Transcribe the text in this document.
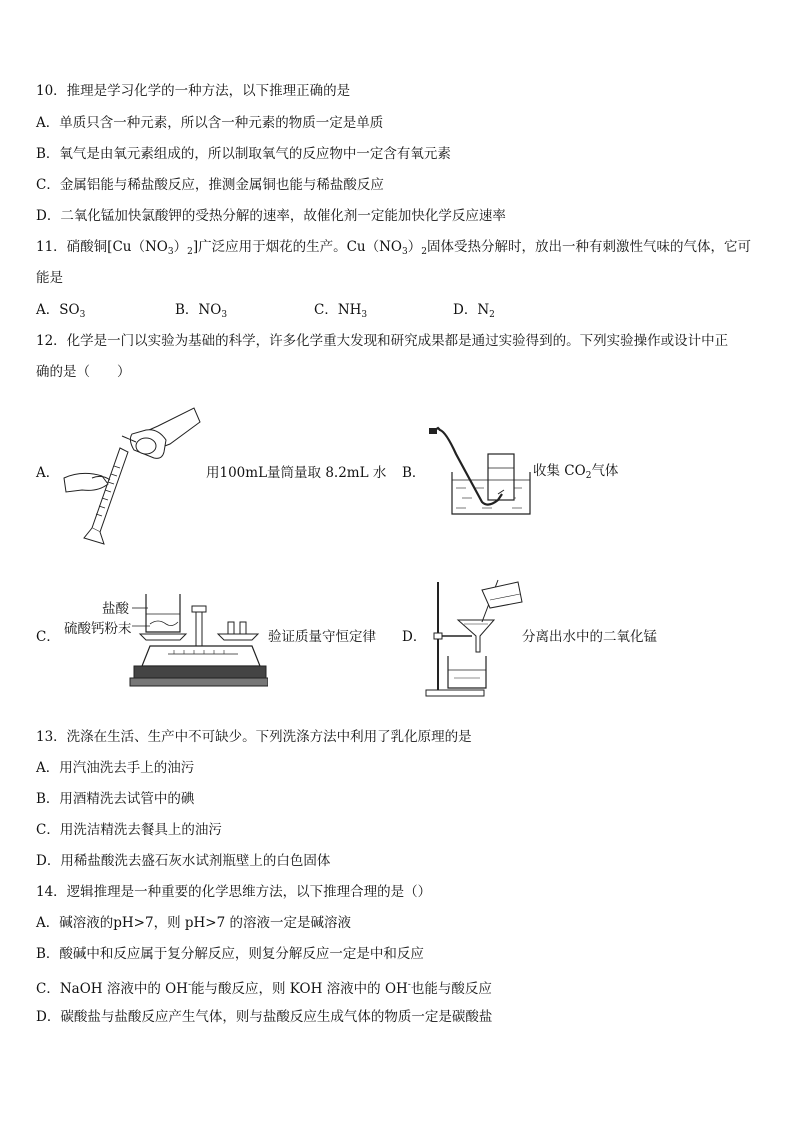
10．推理是学习化学的一种方法，以下推理正确的是
A．单质只含一种元素，所以含一种元素的物质一定是单质
B．氧气是由氧元素组成的，所以制取氧气的反应物中一定含有氧元素
C．金属铝能与稀盐酸反应，推测金属铜也能与稀盐酸反应
D．二氧化锰加快氯酸钾的受热分解的速率，故催化剂一定能加快化学反应速率
11．硝酸铜$[Cu(NO_3)_2]$广泛应用于烟花的生产。$Cu(NO_3)_2$固体受热分解时，放出一种有刺激性气味的气体，它可
能是
A．$SO_3$	B．$NO_3$	C．$NH_3$	D．$N_2$
12．化学是一门以实验为基础的科学，许多化学重大发现和研究成果都是通过实验得到的。下列实验操作或设计中正
确的是（　　）
A．	用100mL量筒量取 8.2mL 水 B．	收集 $CO_2$气体
C．
盐酸
硫酸钙粉末	验证质量守恒定律 D．	分离出水中的二氧化锰
13．洗涤在生活、生产中不可缺少。下列洗涤方法中利用了乳化原理的是
A．用汽油洗去手上的油污
B．用酒精洗去试管中的碘
C．用洗洁精洗去餐具上的油污
D．用稀盐酸洗去盛石灰水试剂瓶壁上的白色固体
14．逻辑推理是一种重要的化学思维方法，以下推理合理的是（）
A．碱溶液的pH>7，则 pH>7 的溶液一定是碱溶液
B．酸碱中和反应属于复分解反应，则复分解反应一定是中和反应
C．NaOH 溶液中的 OH-能与酸反应，则 KOH 溶液中的 OH-也能与酸反应
D．碳酸盐与盐酸反应产生气体，则与盐酸反应生成气体的物质一定是碳酸盐
